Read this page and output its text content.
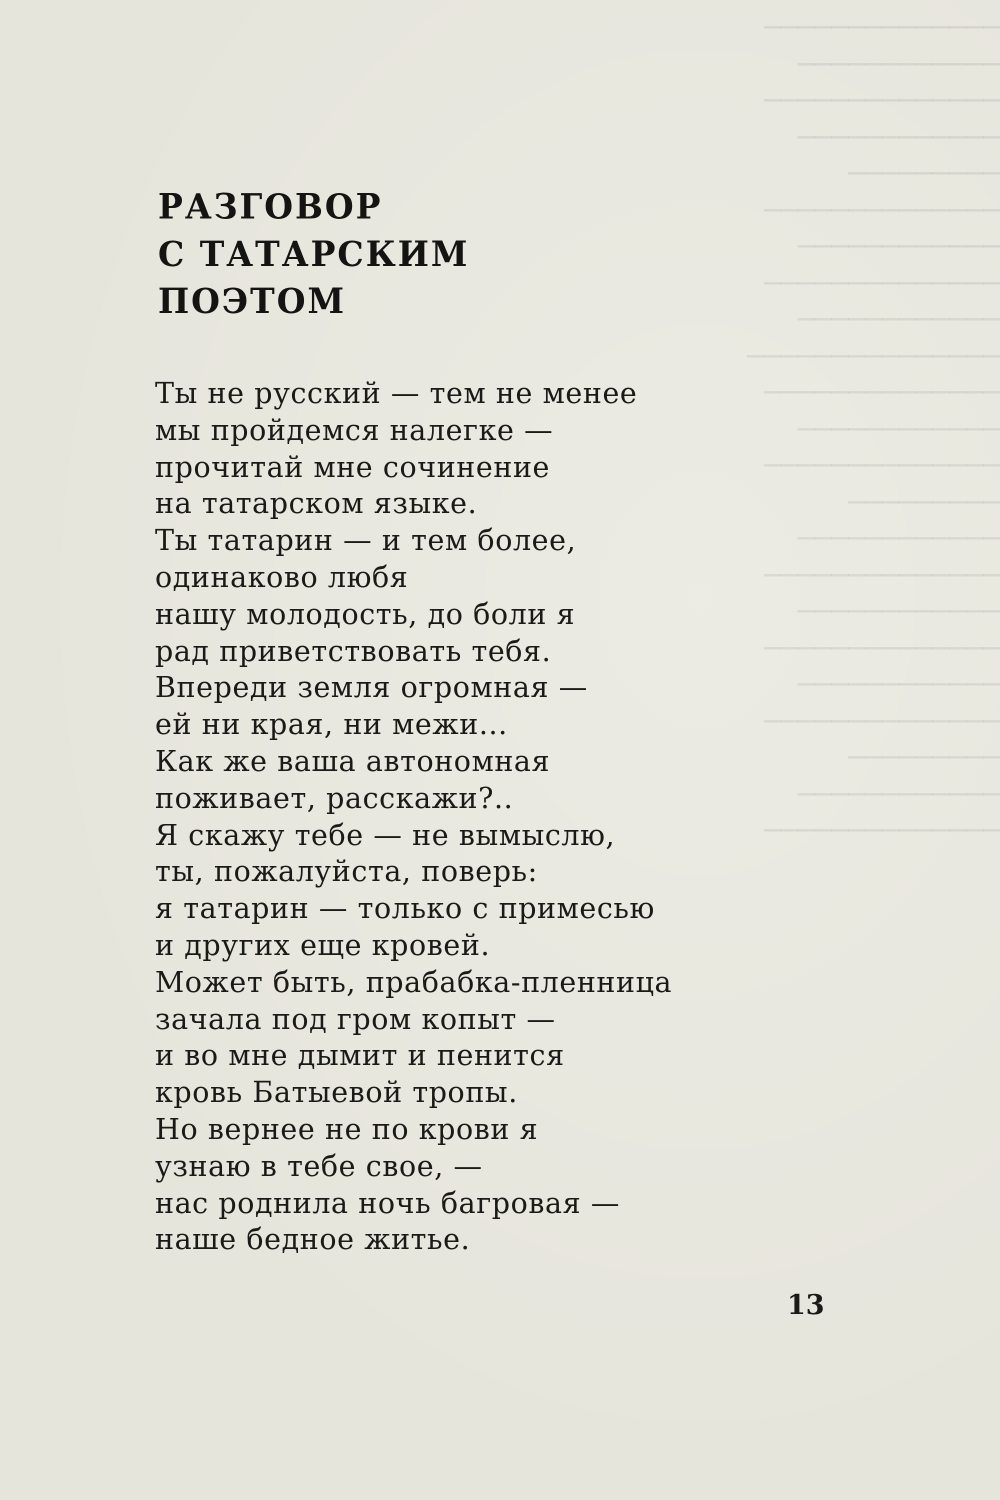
──────────────
────────────
──────────────
────────────
─────────
──────────────
────────────
──────────────
────────────
───────────────
──────────────
────────────
──────────────
─────────
────────────
──────────────
────────────
──────────────
────────────
──────────────
─────────
────────────
──────────────
РАЗГОВОР
С ТАТАРСКИМ
ПОЭТОМ
Ты не русский — тем не менее
мы пройдемся налегке —
прочитай мне сочинение
на татарском языке.
Ты татарин — и тем более,
одинаково любя
нашу молодость, до боли я
рад приветствовать тебя.
Впереди земля огромная —
ей ни края, ни межи...
Как же ваша автономная
поживает, расскажи?..
Я скажу тебе — не вымыслю,
ты, пожалуйста, поверь:
я татарин — только с примесью
и других еще кровей.
Может быть, прабабка-пленница
зачала под гром копыт —
и во мне дымит и пенится
кровь Батыевой тропы.
Но вернее не по крови я
узнаю в тебе свое, —
нас роднила ночь багровая —
наше бедное житье.
13
